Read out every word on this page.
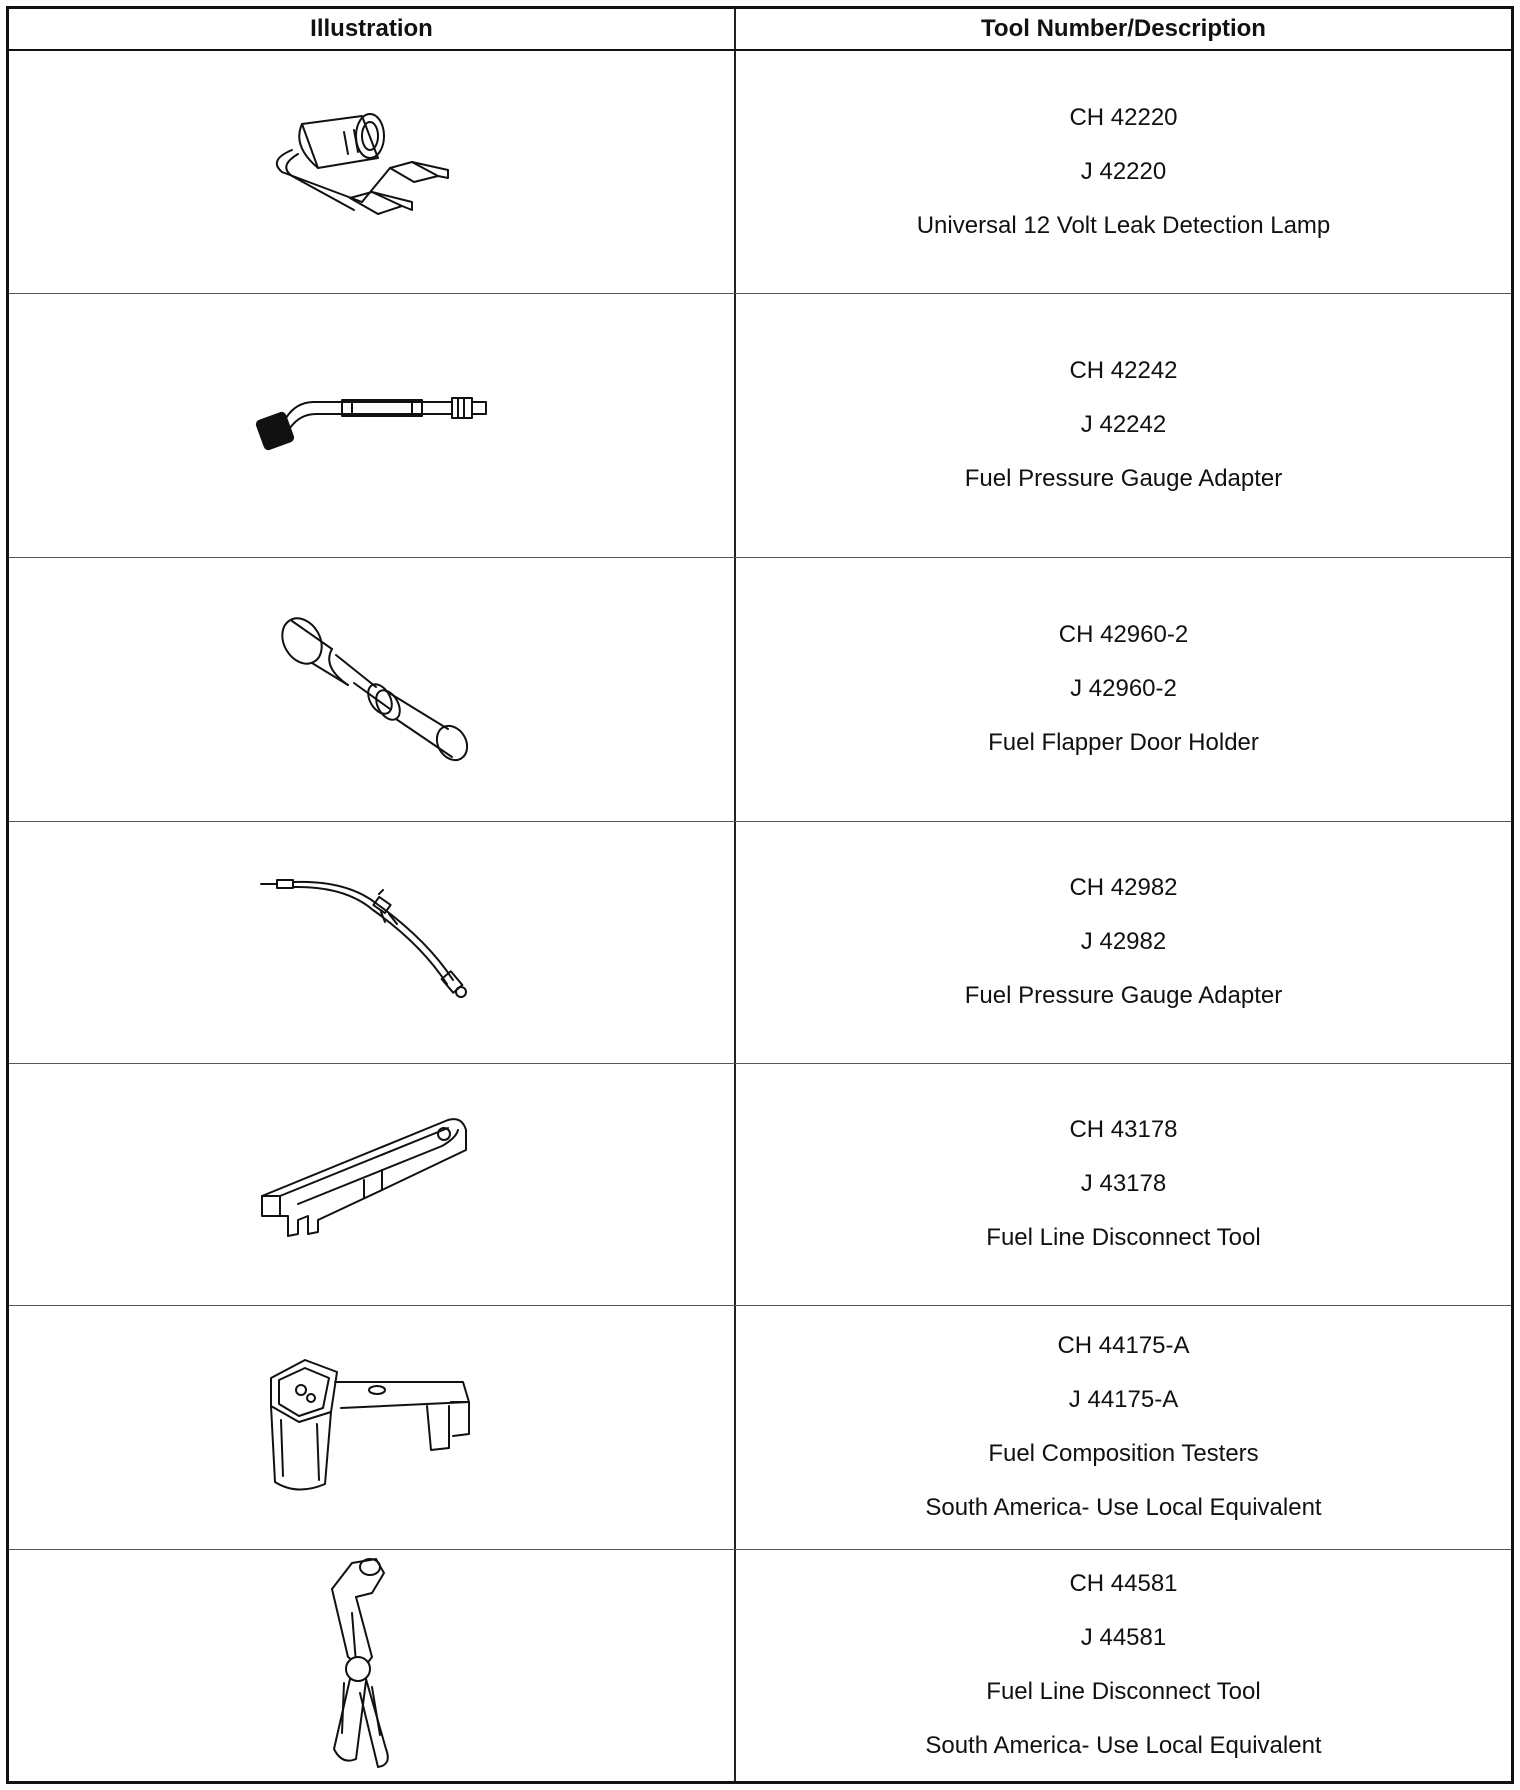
Illustration	Tool Number/Description

CH 42220

J 42220

Universal 12 Volt Leak Detection Lamp

CH 42242

J 42242

Fuel Pressure Gauge Adapter

CH 42960-2

J 42960-2

Fuel Flapper Door Holder

CH 42982

J 42982

Fuel Pressure Gauge Adapter

CH 43178

J 43178

Fuel Line Disconnect Tool

CH 44175-A

J 44175-A

Fuel Composition Testers

South America- Use Local Equivalent

CH 44581

J 44581

Fuel Line Disconnect Tool

South America- Use Local Equivalent
